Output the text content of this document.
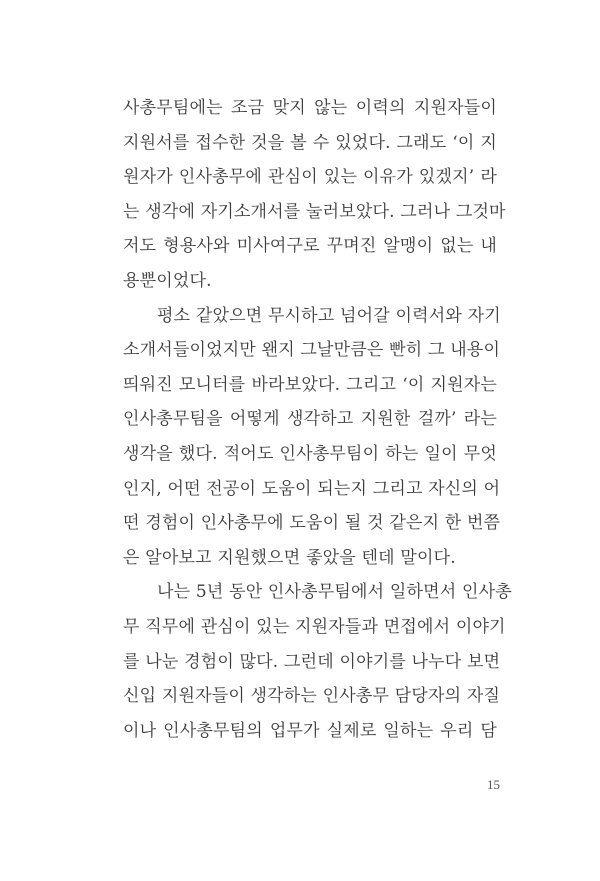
사총무팀에는 조금 맞지 않는 이력의 지원자들이
지원서를 접수한 것을 볼 수 있었다. 그래도 ‘이 지
원자가 인사총무에 관심이 있는 이유가 있겠지’ 라
는 생각에 자기소개서를 눌러보았다. 그러나 그것마
저도 형용사와 미사여구로 꾸며진 알맹이 없는 내
용뿐이었다.
평소 같았으면 무시하고 넘어갈 이력서와 자기
소개서들이었지만 왠지 그날만큼은 빤히 그 내용이
띄워진 모니터를 바라보았다. 그리고 ‘이 지원자는
인사총무팀을 어떻게 생각하고 지원한 걸까’ 라는
생각을 했다. 적어도 인사총무팀이 하는 일이 무엇
인지, 어떤 전공이 도움이 되는지 그리고 자신의 어
떤 경험이 인사총무에 도움이 될 것 같은지 한 번쯤
은 알아보고 지원했으면 좋았을 텐데 말이다.
나는 5년 동안 인사총무팀에서 일하면서 인사총
무 직무에 관심이 있는 지원자들과 면접에서 이야기
를 나눈 경험이 많다. 그런데 이야기를 나누다 보면
신입 지원자들이 생각하는 인사총무 담당자의 자질
이나 인사총무팀의 업무가 실제로 일하는 우리 담
15
